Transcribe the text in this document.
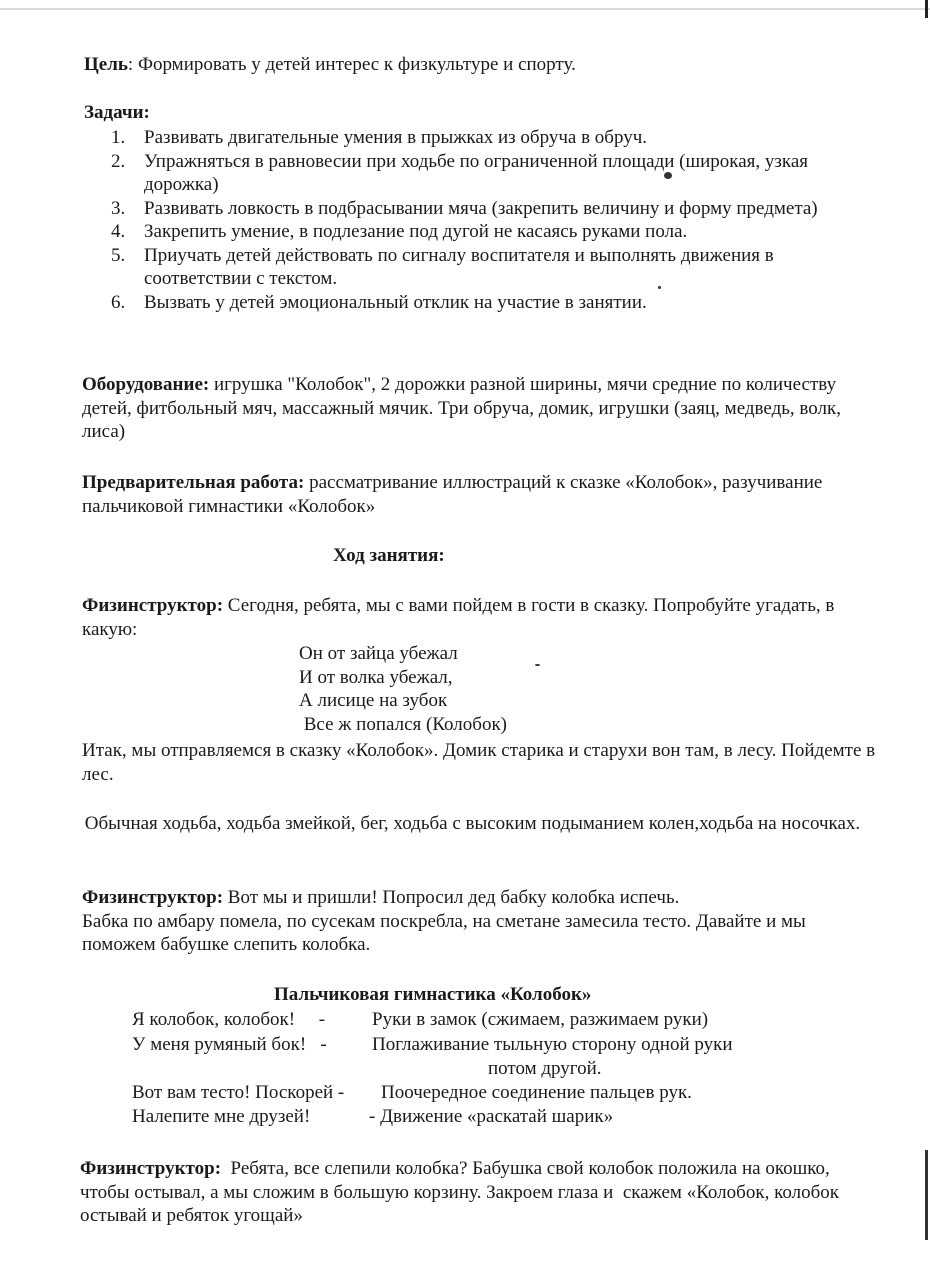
Цель: Формировать у детей интерес к физкультуре и спорту.

Задачи:

1. Развивать двигательные умения в прыжках из обруча в обруч.
2. Упражняться в равновесии при ходьбе по ограниченной площади (широкая, узкая дорожка)
3. Развивать ловкость в подбрасывании мяча (закрепить величину и форму предмета)
4. Закрепить умение, в подлезание под дугой не касаясь руками пола.
5. Приучать детей действовать по сигналу воспитателя и выполнять движения в соответствии с текстом.
6. Вызвать у детей эмоциональный отклик на участие в занятии.

Оборудование: игрушка "Колобок", 2 дорожки разной ширины, мячи средние по количеству детей, фитбольный мяч, массажный мячик. Три обруча, домик, игрушки (заяц, медведь, волк, лиса)

Предварительная работа: рассматривание иллюстраций к сказке «Колобок», разучивание пальчиковой гимнастики «Колобок»

Ход занятия:

Физинструктор: Сегодня, ребята, мы с вами пойдем в гости в сказку. Попробуйте угадать, в какую:

Он от зайца убежал
И от волка убежал,
А лисице на зубок
Все ж попался (Колобок)

Итак, мы отправляемся в сказку «Колобок». Домик старика и старухи вон там, в лесу. Пойдемте в лес.

Обычная ходьба, ходьба змейкой, бег, ходьба с высоким подыманием колен,ходьба на носочках.

Физинструктор: Вот мы и пришли! Попросил дед бабку колобка испечь.
Бабка по амбару помела, по сусекам поскребла, на сметане замесила тесто. Давайте и мы поможем бабушке слепить колобка.

Пальчиковая гимнастика «Колобок»

Я колобок, колобок!     - Руки в замок (сжимаем, разжимаем руки)
У меня румяный бок!   - Поглаживание тыльную сторону одной руки
потом другой.
Вот вам тесто! Поскорей - Поочередное соединение пальцев рук.
Налепите мне друзей!	- Движение «раскатай шарик»

Физинструктор:  Ребята, все слепили колобка? Бабушка свой колобок положила на окошко,  чтобы остывал, а мы сложим в большую корзину. Закроем глаза и  скажем «Колобок, колобок остывай и ребяток угощай»
